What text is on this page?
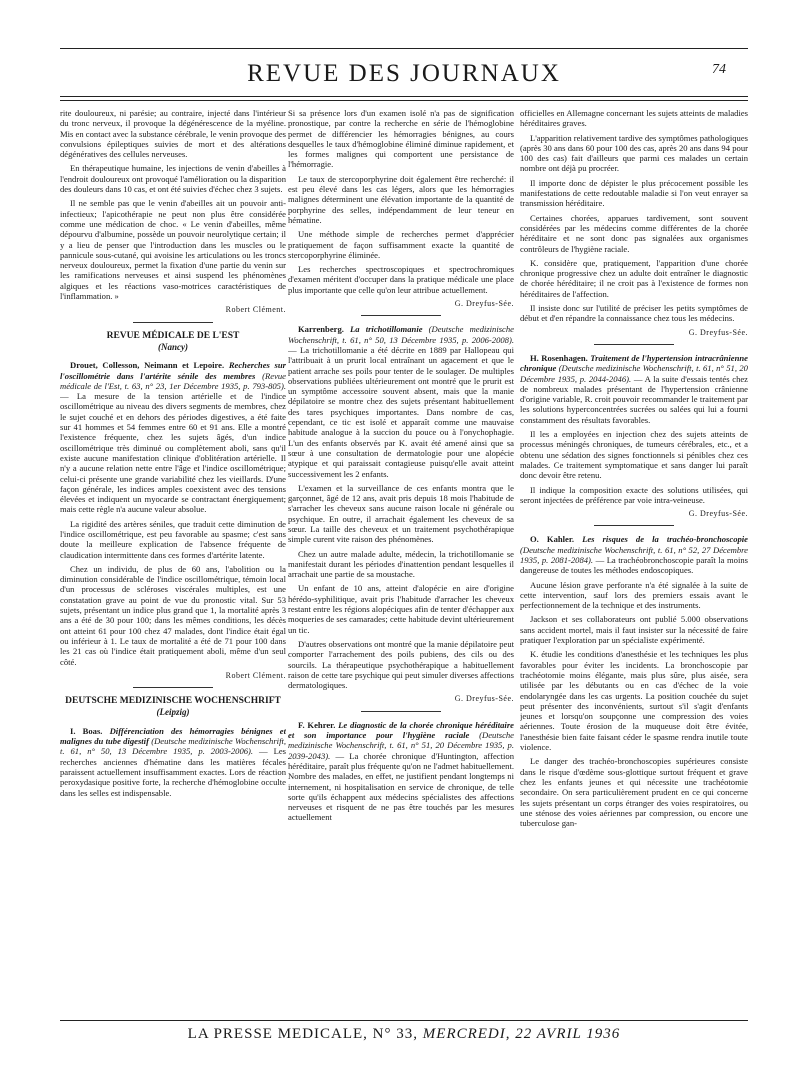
REVUE DES JOURNAUX	74

rite douloureux, ni parésie; au contraire, injecté dans l'intérieur du tronc nerveux, il provoque la dégénérescence de la myéline. Mis en contact avec la substance cérébrale, le venin provoque des convulsions épileptiques suivies de mort et des altérations dégénératives des cellules nerveuses.

En thérapeutique humaine, les injections de venin d'abeilles à l'endroit douloureux ont provoqué l'amélioration ou la disparition des douleurs dans 10 cas, et ont été suivies d'échec chez 3 sujets.

Il ne semble pas que le venin d'abeilles ait un pouvoir anti-infectieux; l'apicothérapie ne peut non plus être considérée comme une médication de choc. « Le venin d'abeilles, même dépourvu d'albumine, possède un pouvoir neurolytique certain; il y a lieu de penser que l'introduction dans les muscles ou le pannicule sous-cutané, qui avoisine les articulations ou les troncs nerveux douloureux, permet la fixation d'une partie du venin sur les ramifications nerveuses et ainsi suspend les phénomènes algiques et les réactions vaso-motrices caractéristiques de l'inflammation. »

Robert Clément.
REVUE MÉDICALE DE L'EST
(Nancy)

Drouet, Collesson, Neimann et Lepoire. Recherches sur l'oscillométrie dans l'artérite sénile des membres (Revue médicale de l'Est, t. 63, n° 23, 1er Décembre 1935, p. 793-805). — La mesure de la tension artérielle et de l'indice oscillométrique au niveau des divers segments de membres, chez le sujet couché et en dehors des périodes digestives, a été faite sur 41 hommes et 54 femmes entre 60 et 91 ans. Elle a montré l'existence fréquente, chez les sujets âgés, d'un indice oscillométrique très diminué ou complètement aboli, sans qu'il existe aucune manifestation clinique d'oblitération artérielle. Il n'y a aucune relation nette entre l'âge et l'indice oscillométrique; celui-ci présente une grande variabilité chez les vieillards. D'une façon générale, les indices amples coexistent avec des tensions élevées et indiquent un myocarde se contractant énergiquement; mais cette règle n'a aucune valeur absolue.

La rigidité des artères séniles, que traduit cette diminution de l'indice oscillométrique, est peu favorable au spasme; c'est sans doute la meilleure explication de l'absence fréquente de claudication intermittente dans ces formes d'artérite latente.

Chez un individu, de plus de 60 ans, l'abolition ou la diminution considérable de l'indice oscillométrique, témoin local d'un processus de scléroses viscérales multiples, est une constatation grave au point de vue du pronostic vital. Sur 53 sujets, présentant un indice plus grand que 1, la mortalité après 3 ans a été de 30 pour 100; dans les mêmes conditions, les décès ont atteint 61 pour 100 chez 47 malades, dont l'indice était égal ou inférieur à 1. Le taux de mortalité a été de 71 pour 100 dans les 21 cas où l'indice était pratiquement aboli, même d'un seul côté.

Robert Clément.
DEUTSCHE MEDIZINISCHE WOCHENSCHRIFT
(Leipzig)

I. Boas. Différenciation des hémorragies bénignes et malignes du tube digestif (Deutsche medizinische Wochenschrift, t. 61, n° 50, 13 Décembre 1935, p. 2003-2006). — Les recherches anciennes d'hématine dans les matières fécales paraissent actuellement insuffisamment exactes. Lors de réaction peroxydasique positive forte, la recherche d'hémoglobine occulte dans les selles est indispensable.

Si sa présence lors d'un examen isolé n'a pas de signification pronostique, par contre la recherche en série de l'hémoglobine permet de différencier les hémorragies bénignes, au cours desquelles le taux d'hémoglobine éliminé diminue rapidement, et les formes malignes qui comportent une persistance de l'hémorragie.

Le taux de stercoporphyrine doit également être recherché: il est peu élevé dans les cas légers, alors que les hémorragies malignes déterminent une élévation importante de la quantité de porphyrine des selles, indépendamment de leur teneur en hématine.

Une méthode simple de recherches permet d'apprécier pratiquement de façon suffisamment exacte la quantité de stercoporphyrine éliminée.

Les recherches spectroscopiques et spectrochromiques d'examen méritent d'occuper dans la pratique médicale une place plus importante que celle qu'on leur attribue actuellement.

G. Dreyfus-Sée.

Karrenberg. La trichotillomanie (Deutsche medizinische Wochenschrift, t. 61, n° 50, 13 Décembre 1935, p. 2006-2008). — La trichotillomanie a été décrite en 1889 par Hallopeau qui l'attribuait à un prurit local entraînant un agacement et que le patient arrache ses poils pour tenter de le soulager. De multiples observations publiées ultérieurement ont montré que le prurit est un symptôme accessoire souvent absent, mais que la manie dépilatoire se montre chez des sujets présentant habituellement des tares psychiques importantes. Dans nombre de cas, cependant, ce tic est isolé et apparaît comme une mauvaise habitude analogue à la succion du pouce ou à l'onychophagie. L'un des enfants observés par K. avait été amené ainsi que sa sœur à une consultation de dermatologie pour une alopécie atypique et qui paraissait contagieuse puisqu'elle avait atteint successivement les 2 enfants.

L'examen et la surveillance de ces enfants montra que le garçonnet, âgé de 12 ans, avait pris depuis 18 mois l'habitude de s'arracher les cheveux sans aucune raison locale ni générale ou psychique. En outre, il arrachait également les cheveux de sa sœur. La taille des cheveux et un traitement psychothérapique simple curent vite raison des phénomènes.

Chez un autre malade adulte, médecin, la trichotillomanie se manifestait durant les périodes d'inattention pendant lesquelles il arrachait une partie de sa moustache.

Un enfant de 10 ans, atteint d'alopécie en aire d'origine hérédo-syphilitique, avait pris l'habitude d'arracher les cheveux restant entre les régions alopéciques afin de tenter d'échapper aux moqueries de ses camarades; cette habitude devint ultérieurement un tic.

D'autres observations ont montré que la manie dépilatoire peut comporter l'arrachement des poils pubiens, des cils ou des sourcils. La thérapeutique psychothérapique a habituellement raison de cette tare psychique qui peut simuler diverses affections dermatologiques.

G. Dreyfus-Sée.

F. Kehrer. Le diagnostic de la chorée chronique héréditaire et son importance pour l'hygiène raciale (Deutsche medizinische Wochenschrift, t. 61, n° 51, 20 Décembre 1935, p. 2039-2043). — La chorée chronique d'Huntington, affection héréditaire, paraît plus fréquente qu'on ne l'admet habituellement. Nombre des malades, en effet, ne justifient pendant longtemps ni internement, ni hospitalisation en service de chronique, de telle sorte qu'ils échappent aux médecins spécialistes des affections nerveuses et risquent de ne pas être touchés par les mesures actuellement

officielles en Allemagne concernant les sujets atteints de maladies héréditaires graves.

L'apparition relativement tardive des symptômes pathologiques (après 30 ans dans 60 pour 100 des cas, après 20 ans dans 94 pour 100 des cas) fait d'ailleurs que parmi ces malades un certain nombre ont déjà pu procréer.

Il importe donc de dépister le plus précocement possible les manifestations de cette redoutable maladie si l'on veut enrayer sa transmission héréditaire.

Certaines chorées, apparues tardivement, sont souvent considérées par les médecins comme différentes de la chorée héréditaire et ne sont donc pas signalées aux organismes contrôleurs de l'hygiène raciale.

K. considère que, pratiquement, l'apparition d'une chorée chronique progressive chez un adulte doit entraîner le diagnostic de chorée héréditaire; il ne croit pas à l'existence de formes non héréditaires de l'affection.

Il insiste donc sur l'utilité de préciser les petits symptômes de début et d'en répandre la connaissance chez tous les médecins.

G. Dreyfus-Sée.

H. Rosenhagen. Traitement de l'hypertension intracrânienne chronique (Deutsche medizinische Wochenschrift, t. 61, n° 51, 20 Décembre 1935, p. 2044-2046). — A la suite d'essais tentés chez de nombreux malades présentant de l'hypertension crânienne d'origine variable, R. croit pouvoir recommander le traitement par les solutions hyperconcentrées sucrées ou salées qui lui a fourni constamment des résultats favorables.

Il les a employées en injection chez des sujets atteints de processus méningés chroniques, de tumeurs cérébrales, etc., et a obtenu une sédation des signes fonctionnels si pénibles chez ces malades. Ce traitement symptomatique et sans danger lui paraît donc devoir être retenu.

Il indique la composition exacte des solutions utilisées, qui seront injectées de préférence par voie intra-veineuse.

G. Dreyfus-Sée.

O. Kahler. Les risques de la trachéo-bronchoscopie (Deutsche medizinische Wochenschrift, t. 61, n° 52, 27 Décembre 1935, p. 2081-2084). — La trachéobronchoscopie paraît la moins dangereuse de toutes les méthodes endoscopiques.

Aucune lésion grave perforante n'a été signalée à la suite de cette intervention, sauf lors des premiers essais avant le perfectionnement de la technique et des instruments.

Jackson et ses collaborateurs ont publié 5.000 observations sans accident mortel, mais il faut insister sur la nécessité de faire pratiquer l'exploration par un spécialiste expérimenté.

K. étudie les conditions d'anesthésie et les techniques les plus favorables pour éviter les incidents. La bronchoscopie par trachéotomie moins élégante, mais plus sûre, plus aisée, sera utilisée par les débutants ou en cas d'échec de la voie endolaryngée dans les cas urgents. La position couchée du sujet peut présenter des inconvénients, surtout s'il s'agit d'enfants jeunes et lorsqu'on soupçonne une compression des voies aériennes. Toute érosion de la muqueuse doit être évitée, l'anesthésie bien faite faisant céder le spasme rendra inutile toute violence.

Le danger des trachéo-bronchoscopies supérieures consiste dans le risque d'œdème sous-glottique surtout fréquent et grave chez les enfants jeunes et qui nécessite une trachéotomie secondaire. On sera particulièrement prudent en ce qui concerne les sujets présentant un corps étranger des voies respiratoires, ou une sténose des voies aériennes par compression, ou encore une tuberculose gan-

LA PRESSE MEDICALE, N° 33, MERCREDI, 22 AVRIL 1936
